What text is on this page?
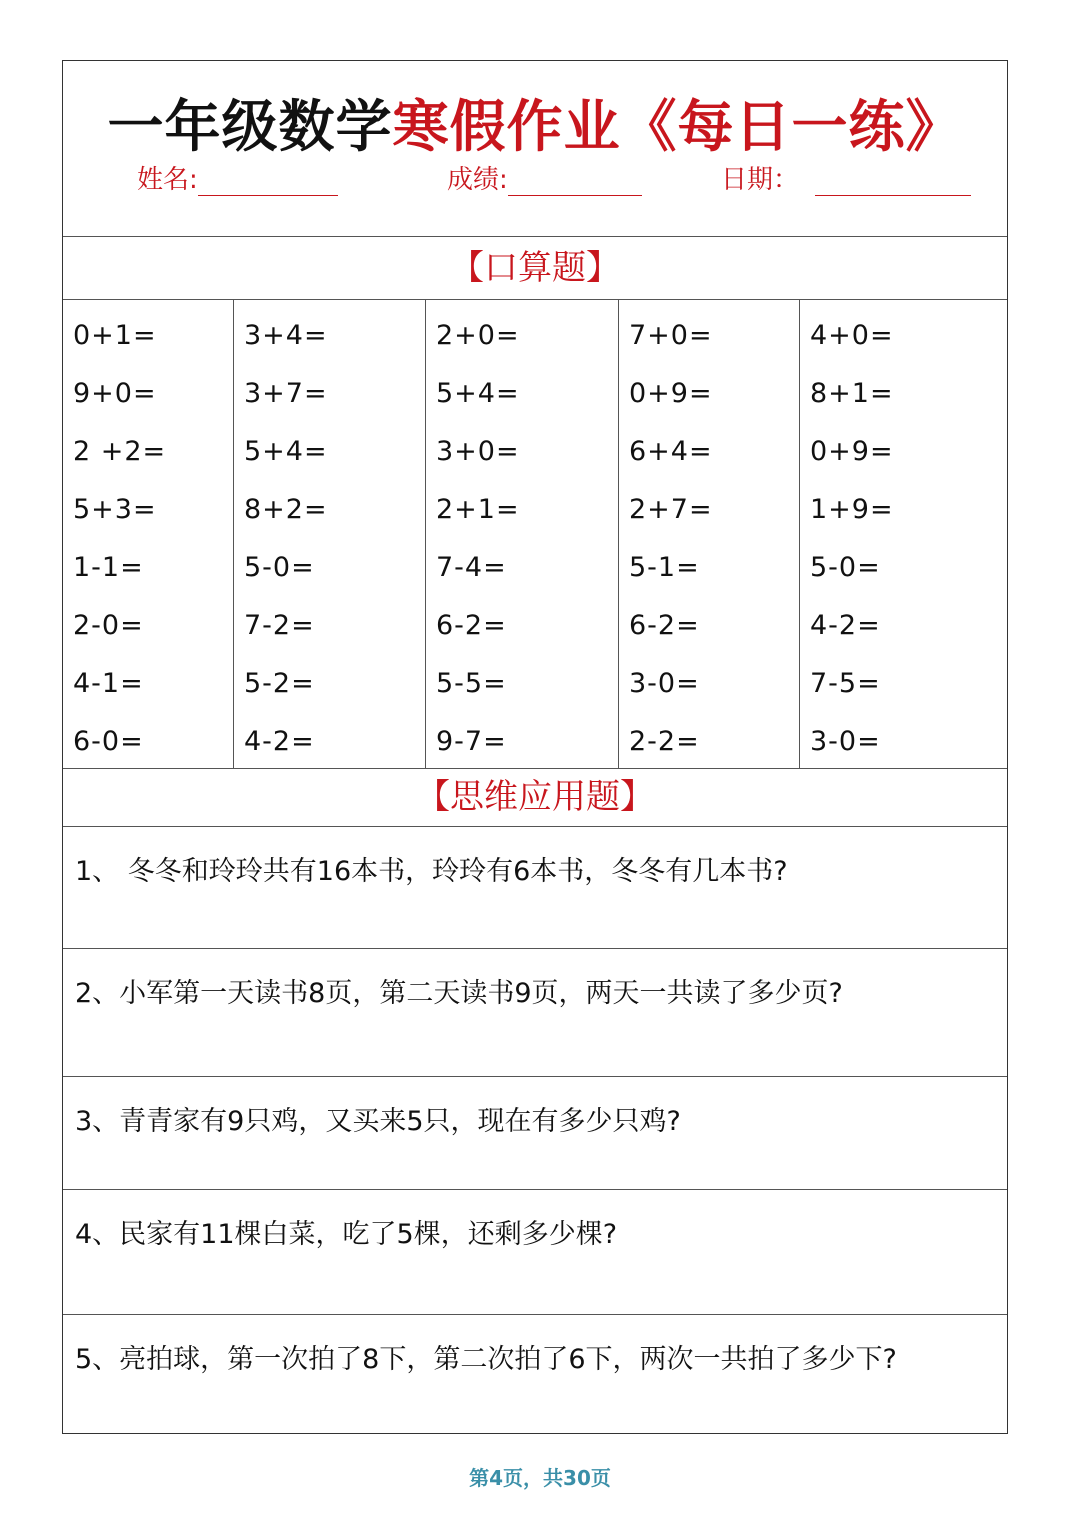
一年级数学寒假作业《每日一练》
姓名:	成绩:	日期：
【口算题】
0+1=
9+0=
2 +2=
5+3=
1-1=
2-0=
4-1=
6-0=
3+4=
3+7=
5+4=
8+2=
5-0=
7-2=
5-2=
4-2=
2+0=
5+4=
3+0=
2+1=
7-4=
6-2=
5-5=
9-7=
7+0=
0+9=
6+4=
2+7=
5-1=
6-2=
3-0=
2-2=
4+0=
8+1=
0+9=
1+9=
5-0=
4-2=
7-5=
3-0=
【思维应用题】
1、 冬冬和玲玲共有16本书，玲玲有6本书，冬冬有几本书?
2、小军第一天读书8页，第二天读书9页，两天一共读了多少页?
3、青青家有9只鸡，又买来5只，现在有多少只鸡?
4、民家有11棵白菜，吃了5棵，还剩多少棵?
5、亮拍球，第一次拍了8下，第二次拍了6下，两次一共拍了多少下?
第4页，共30页
